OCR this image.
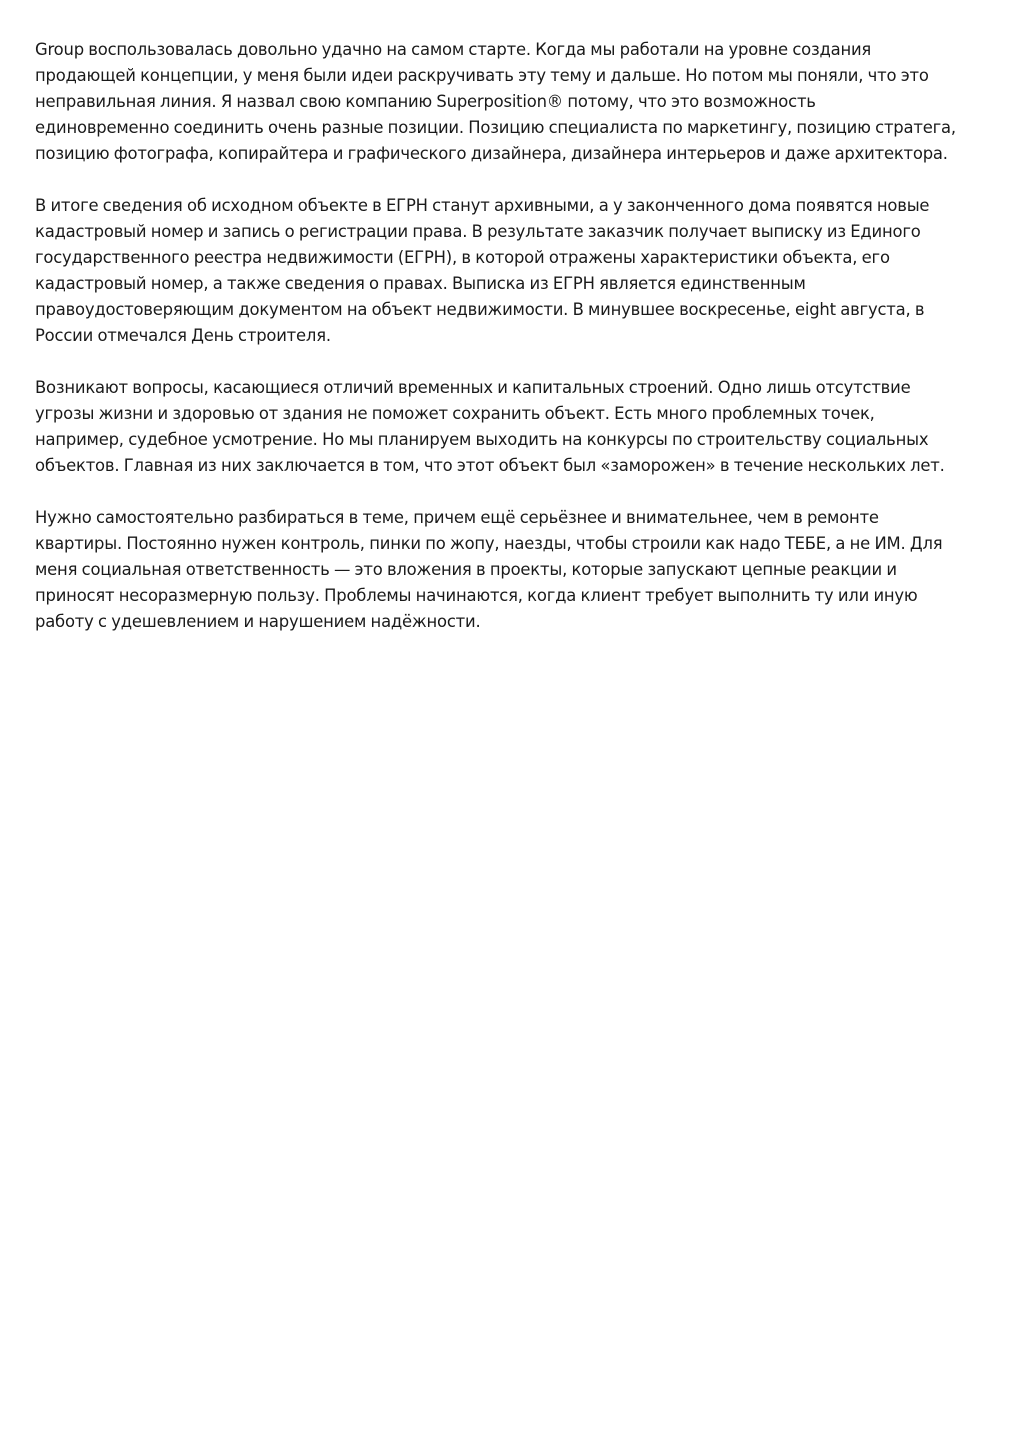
Group воспользовалась довольно удачно на самом старте. Когда мы работали на уровне создания
продающей концепции, у меня были идеи раскручивать эту тему и дальше. Но потом мы поняли, что это
неправильная линия. Я назвал свою компанию Superposition® потому, что это возможность
единовременно соединить очень разные позиции. Позицию специалиста по маркетингу, позицию стратега,
позицию фотографа, копирайтера и графического дизайнера, дизайнера интерьеров и даже архитектора.

В итоге сведения об исходном объекте в ЕГРН станут архивными, а у законченного дома появятся новые
кадастровый номер и запись о регистрации права. В результате заказчик получает выписку из Единого
государственного реестра недвижимости (ЕГРН), в которой отражены характеристики объекта, его
кадастровый номер, а также сведения о правах. Выписка из ЕГРН является единственным
правоудостоверяющим документом на объект недвижимости. В минувшее воскресенье, eight августа, в
России отмечался День строителя.

Возникают вопросы, касающиеся отличий временных и капитальных строений. Одно лишь отсутствие
угрозы жизни и здоровью от здания не поможет сохранить объект. Есть много проблемных точек,
например, судебное усмотрение. Но мы планируем выходить на конкурсы по строительству социальных
объектов. Главная из них заключается в том, что этот объект был «заморожен» в течение нескольких лет.

Нужно самостоятельно разбираться в теме, причем ещё серьёзнее и внимательнее, чем в ремонте
квартиры. Постоянно нужен контроль, пинки по жопу, наезды, чтобы строили как надо ТЕБЕ, а не ИМ. Для
меня социальная ответственность — это вложения в проекты, которые запускают цепные реакции и
приносят несоразмерную пользу. Проблемы начинаются, когда клиент требует выполнить ту или иную
работу с удешевлением и нарушением надёжности.
